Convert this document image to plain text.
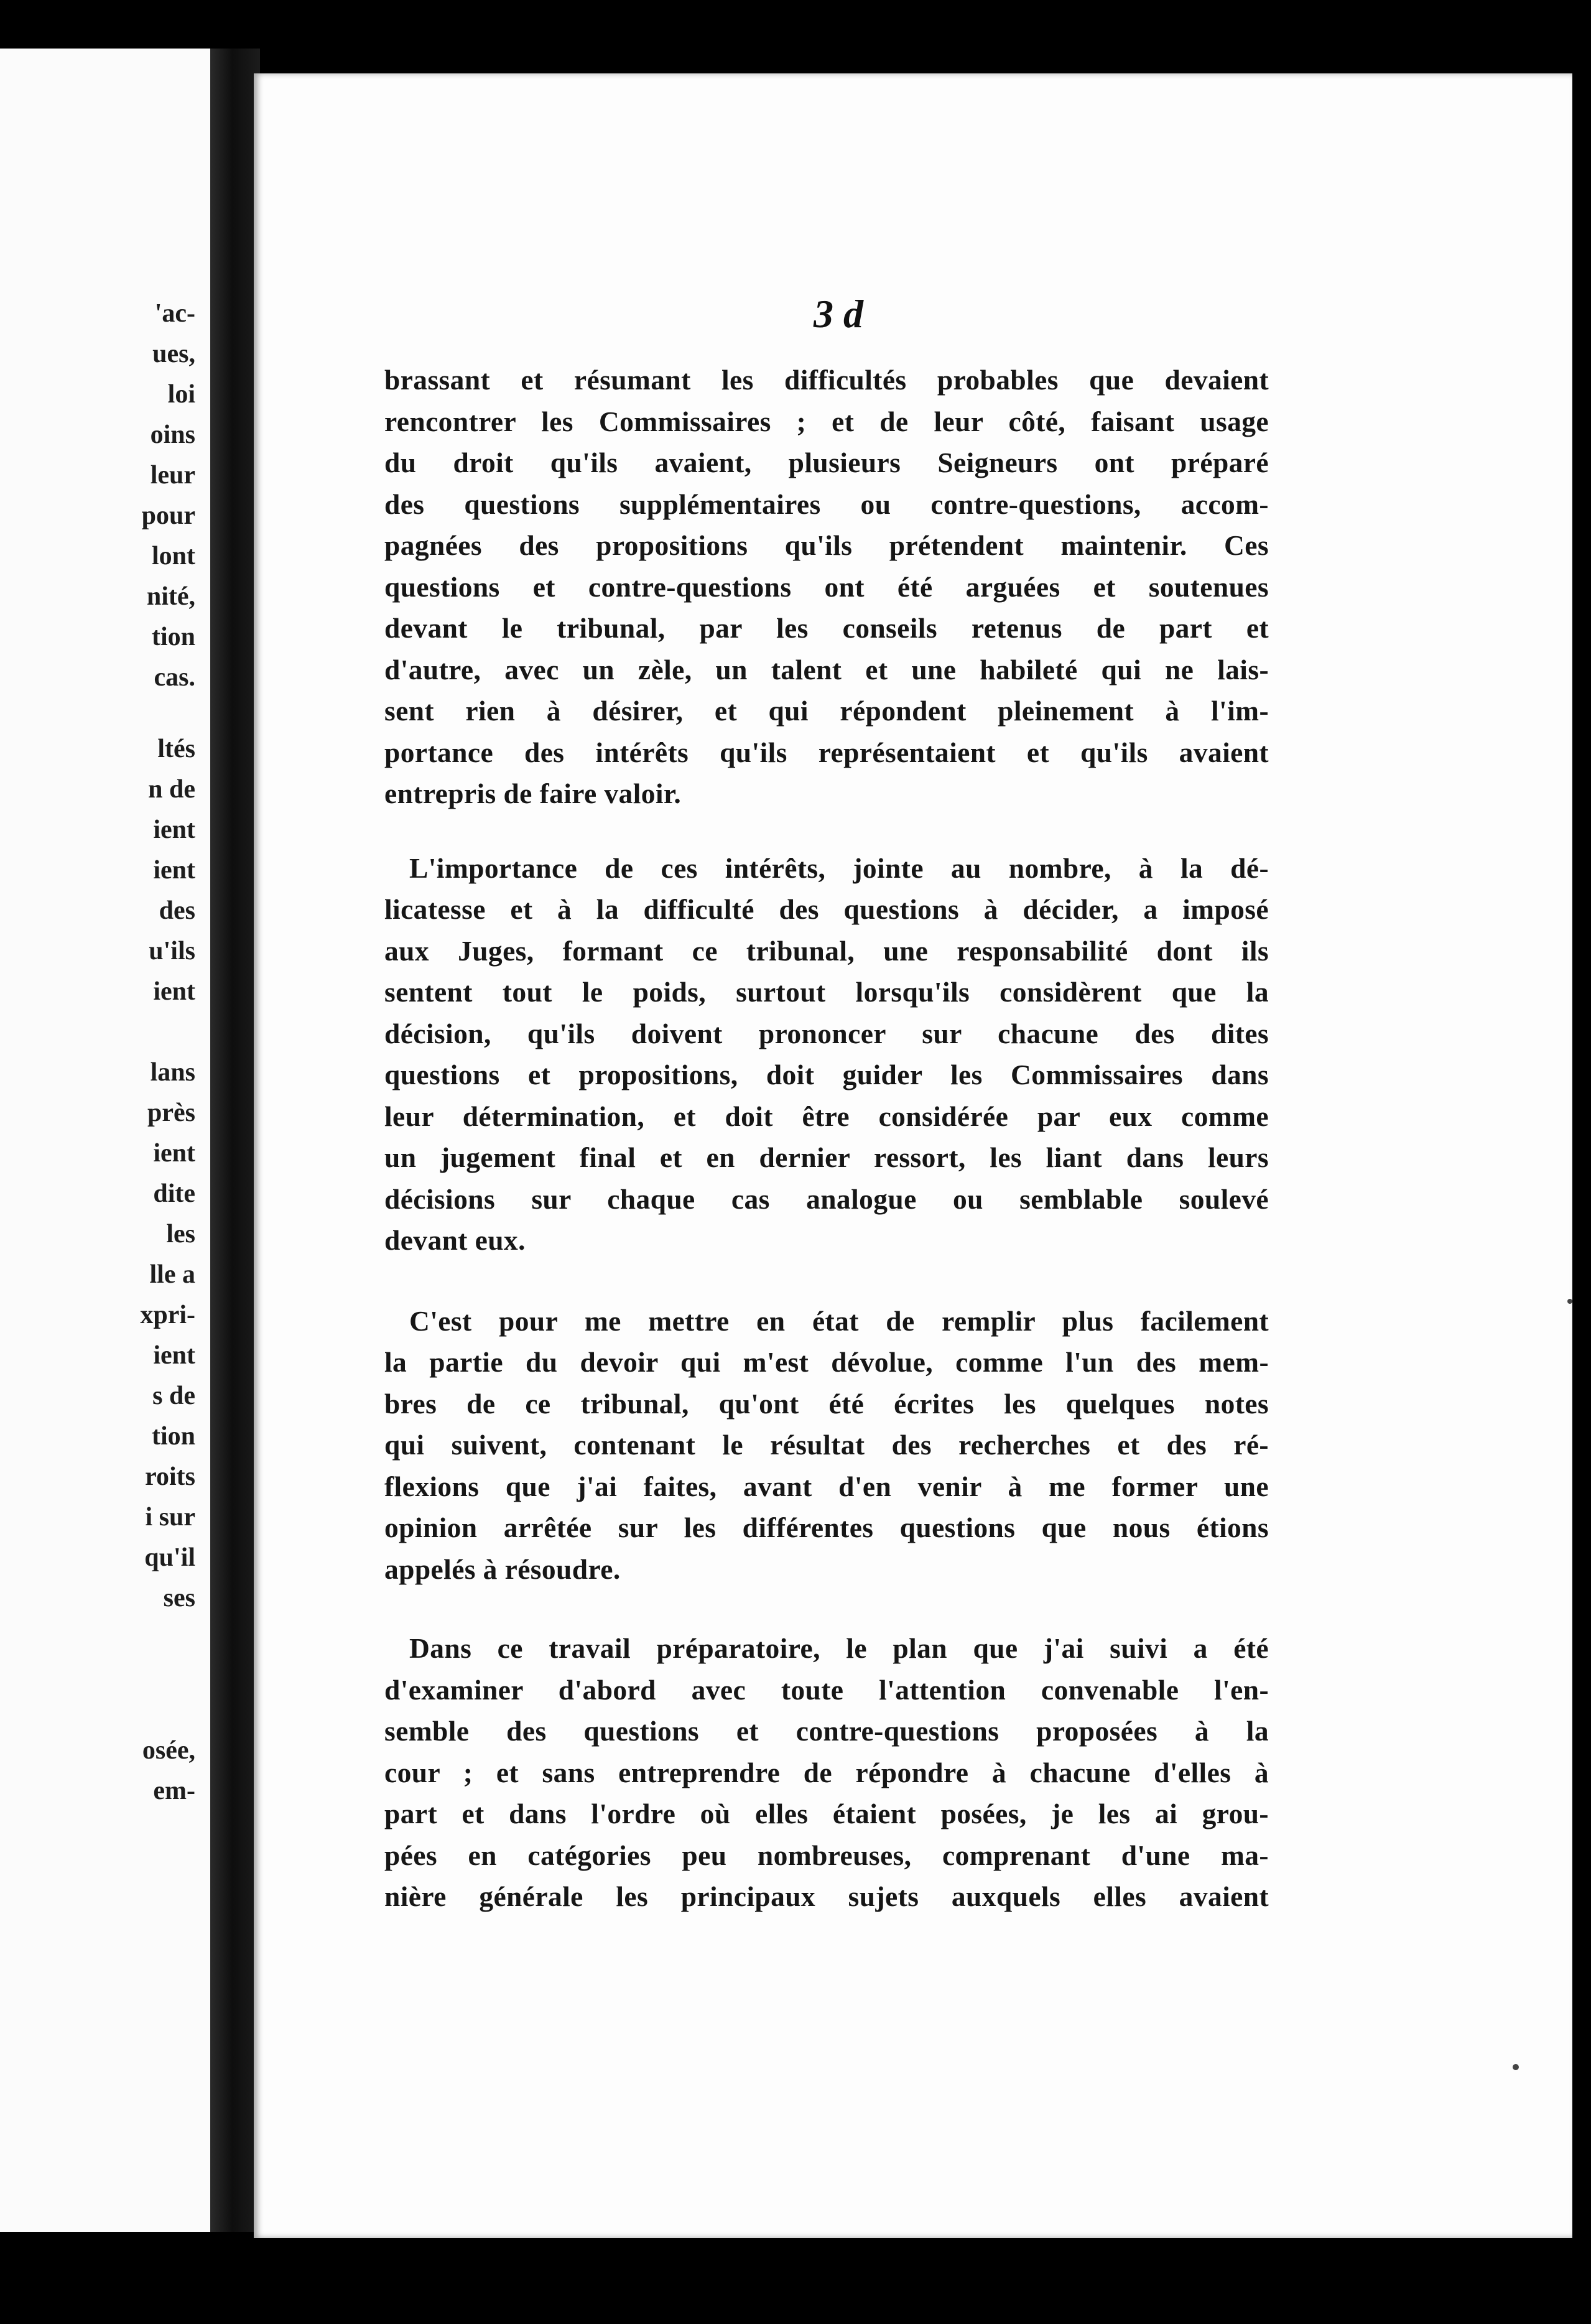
'ac-
ues,
loi
oins
leur
pour
lont
nité,
tion
cas.
ltés
n de
ient
ient
des
u'ils
ient
lans
près
ient
dite
les
lle a
xpri-
ient
s de
tion
roits
i sur
qu'il
ses
osée,
em-
3 d

brassant et résumant les difficultés probables que devaient
rencontrer les Commissaires ; et de leur côté, faisant usage
du droit qu'ils avaient, plusieurs Seigneurs ont préparé
des questions supplémentaires ou contre-questions, accom-
pagnées des propositions qu'ils prétendent maintenir. Ces
questions et contre-questions ont été arguées et soutenues
devant le tribunal, par les conseils retenus de part et
d'autre, avec un zèle, un talent et une habileté qui ne lais-
sent rien à désirer, et qui répondent pleinement à l'im-
portance des intérêts qu'ils représentaient et qu'ils avaient
entrepris de faire valoir.

L'importance de ces intérêts, jointe au nombre, à la dé-
licatesse et à la difficulté des questions à décider, a imposé
aux Juges, formant ce tribunal, une responsabilité dont ils
sentent tout le poids, surtout lorsqu'ils considèrent que la
décision, qu'ils doivent prononcer sur chacune des dites
questions et propositions, doit guider les Commissaires dans
leur détermination, et doit être considérée par eux comme
un jugement final et en dernier ressort, les liant dans leurs
décisions sur chaque cas analogue ou semblable soulevé
devant eux.

C'est pour me mettre en état de remplir plus facilement
la partie du devoir qui m'est dévolue, comme l'un des mem-
bres de ce tribunal, qu'ont été écrites les quelques notes
qui suivent, contenant le résultat des recherches et des ré-
flexions que j'ai faites, avant d'en venir à me former une
opinion arrêtée sur les différentes questions que nous étions
appelés à résoudre.

Dans ce travail préparatoire, le plan que j'ai suivi a été
d'examiner d'abord avec toute l'attention convenable l'en-
semble des questions et contre-questions proposées à la
cour ; et sans entreprendre de répondre à chacune d'elles à
part et dans l'ordre où elles étaient posées, je les ai grou-
pées en catégories peu nombreuses, comprenant d'une ma-
nière générale les principaux sujets auxquels elles avaient
